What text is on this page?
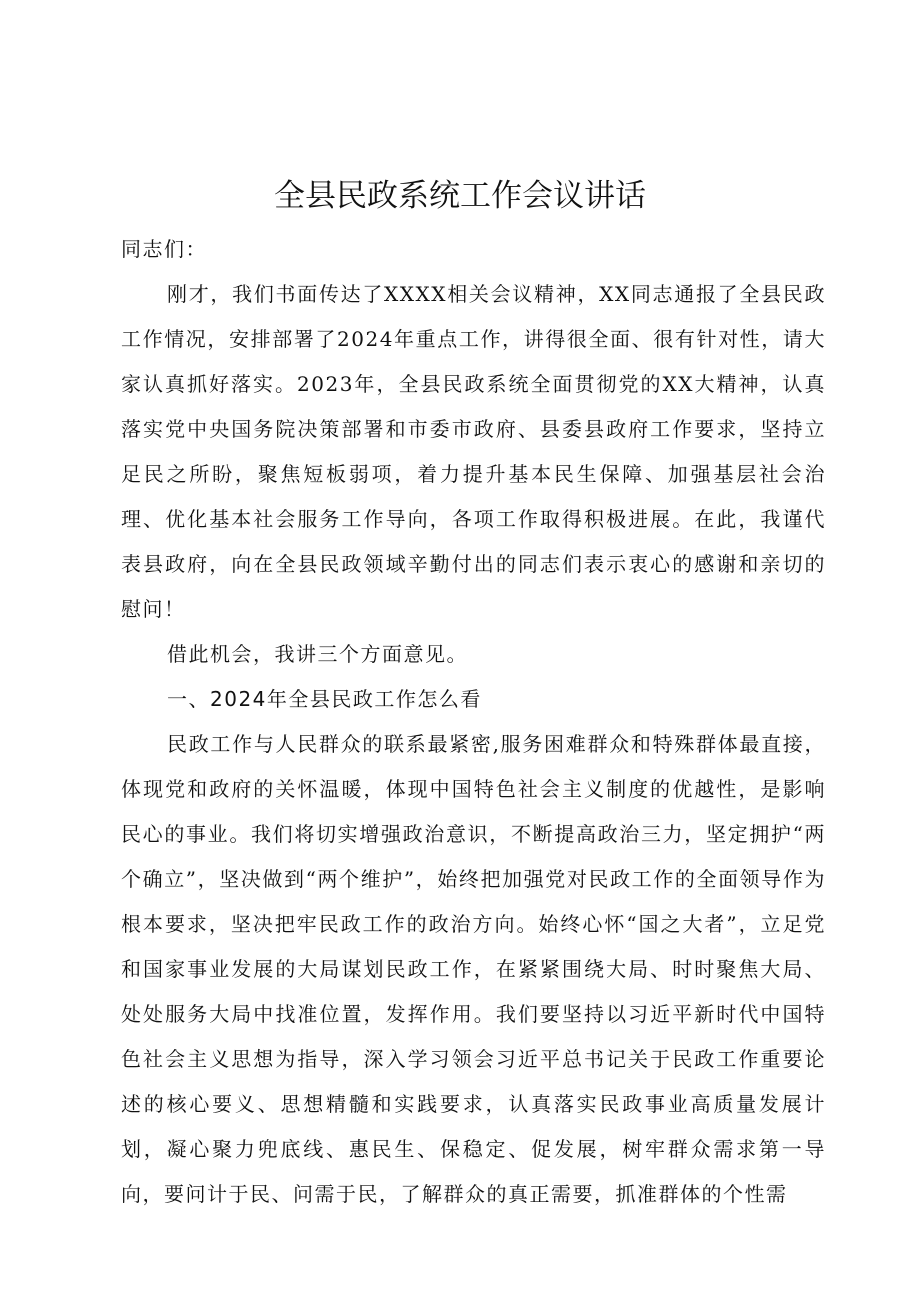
全县民政系统工作会议讲话

同志们：

刚才，我们书面传达了XXXX相关会议精神，XX同志通报了全县民政工作情况，安排部署了2024年重点工作，讲得很全面、很有针对性，请大家认真抓好落实。2023年，全县民政系统全面贯彻党的XX大精神，认真落实党中央国务院决策部署和市委市政府、县委县政府工作要求，坚持立足民之所盼，聚焦短板弱项，着力提升基本民生保障、加强基层社会治理、优化基本社会服务工作导向，各项工作取得积极进展。在此，我谨代表县政府，向在全县民政领域辛勤付出的同志们表示衷心的感谢和亲切的慰问！

借此机会，我讲三个方面意见。

一、2024年全县民政工作怎么看

民政工作与人民群众的联系最紧密,服务困难群众和特殊群体最直接，体现党和政府的关怀温暖，体现中国特色社会主义制度的优越性，是影响民心的事业。我们将切实增强政治意识，不断提高政治三力，坚定拥护“两个确立”，坚决做到“两个维护”，始终把加强党对民政工作的全面领导作为根本要求，坚决把牢民政工作的政治方向。始终心怀“国之大者”，立足党和国家事业发展的大局谋划民政工作，在紧紧围绕大局、时时聚焦大局、处处服务大局中找准位置，发挥作用。我们要坚持以习近平新时代中国特色社会主义思想为指导，深入学习领会习近平总书记关于民政工作重要论述的核心要义、思想精髓和实践要求，认真落实民政事业高质量发展计划，凝心聚力兜底线、惠民生、保稳定、促发展，树牢群众需求第一导向，要问计于民、问需于民，了解群众的真正需要，抓准群体的个性需
